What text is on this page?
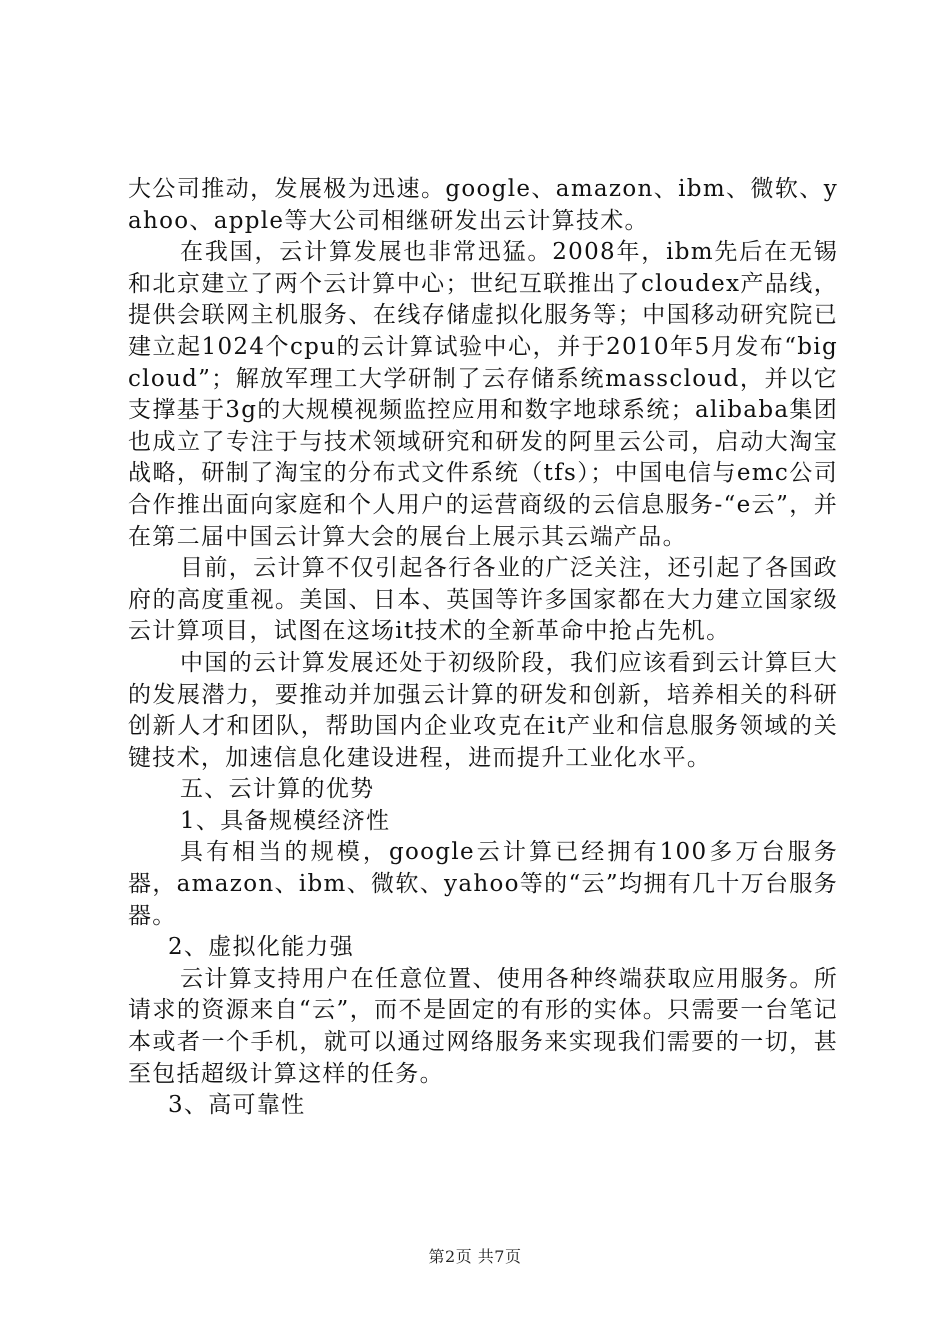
大公司推动，发展极为迅速。google、amazon、ibm、微软、yahoo、apple等大公司相继研发出云计算技术。

在我国，云计算发展也非常迅猛。2008年，ibm先后在无锡和北京建立了两个云计算中心；世纪互联推出了cloudex产品线，提供会联网主机服务、在线存储虚拟化服务等；中国移动研究院已建立起1024个cpu的云计算试验中心，并于2010年5月发布“bigcloud”；解放军理工大学研制了云存储系统masscloud，并以它支撑基于3g的大规模视频监控应用和数字地球系统；alibaba集团也成立了专注于与技术领域研究和研发的阿里云公司，启动大淘宝战略，研制了淘宝的分布式文件系统（tfs）；中国电信与emc公司合作推出面向家庭和个人用户的运营商级的云信息服务-“e云”，并在第二届中国云计算大会的展台上展示其云端产品。

目前，云计算不仅引起各行各业的广泛关注，还引起了各国政府的高度重视。美国、日本、英国等许多国家都在大力建立国家级云计算项目，试图在这场it技术的全新革命中抢占先机。

中国的云计算发展还处于初级阶段，我们应该看到云计算巨大的发展潜力，要推动并加强云计算的研发和创新，培养相关的科研创新人才和团队，帮助国内企业攻克在it产业和信息服务领域的关键技术，加速信息化建设进程，进而提升工业化水平。

五、云计算的优势

1、具备规模经济性

具有相当的规模，google云计算已经拥有100多万台服务器，amazon、ibm、微软、yahoo等的“云”均拥有几十万台服务器。

2、虚拟化能力强

云计算支持用户在任意位置、使用各种终端获取应用服务。所请求的资源来自“云”，而不是固定的有形的实体。只需要一台笔记本或者一个手机，就可以通过网络服务来实现我们需要的一切，甚至包括超级计算这样的任务。

3、高可靠性

第2页 共7页
